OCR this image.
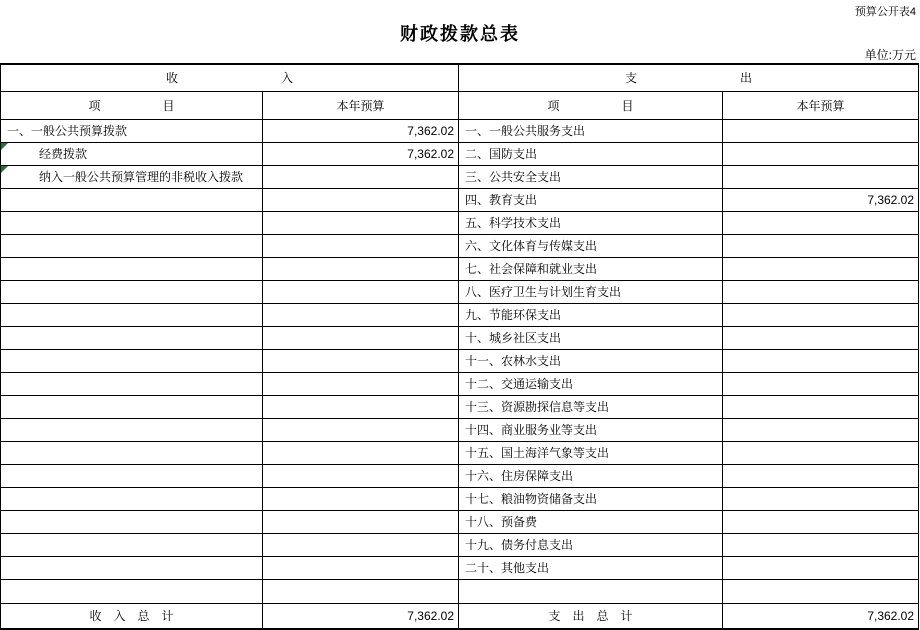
预算公开表4
财政拨款总表
单位:万元
收入		支出	
项目	本年预算	项目	本年预算
一、一般公共预算拨款	7,362.02	一、一般公共服务支出	

经费拨款	7,362.02	二、国防支出	

纳入一般公共预算管理的非税收入拨款		三、公共安全支出	
		四、教育支出	7,362.02
		五、科学技术支出	
		六、文化体育与传媒支出	
		七、社会保障和就业支出	
		八、医疗卫生与计划生育支出	
		九、节能环保支出	
		十、城乡社区支出	
		十一、农林水支出	
		十二、交通运输支出	
		十三、资源勘探信息等支出	
		十四、商业服务业等支出	
		十五、国土海洋气象等支出	
		十六、住房保障支出	
		十七、粮油物资储备支出	
		十八、预备费	
		十九、债务付息支出	
		二十、其他支出	

收入总计	7,362.02	支出总计	7,362.02
